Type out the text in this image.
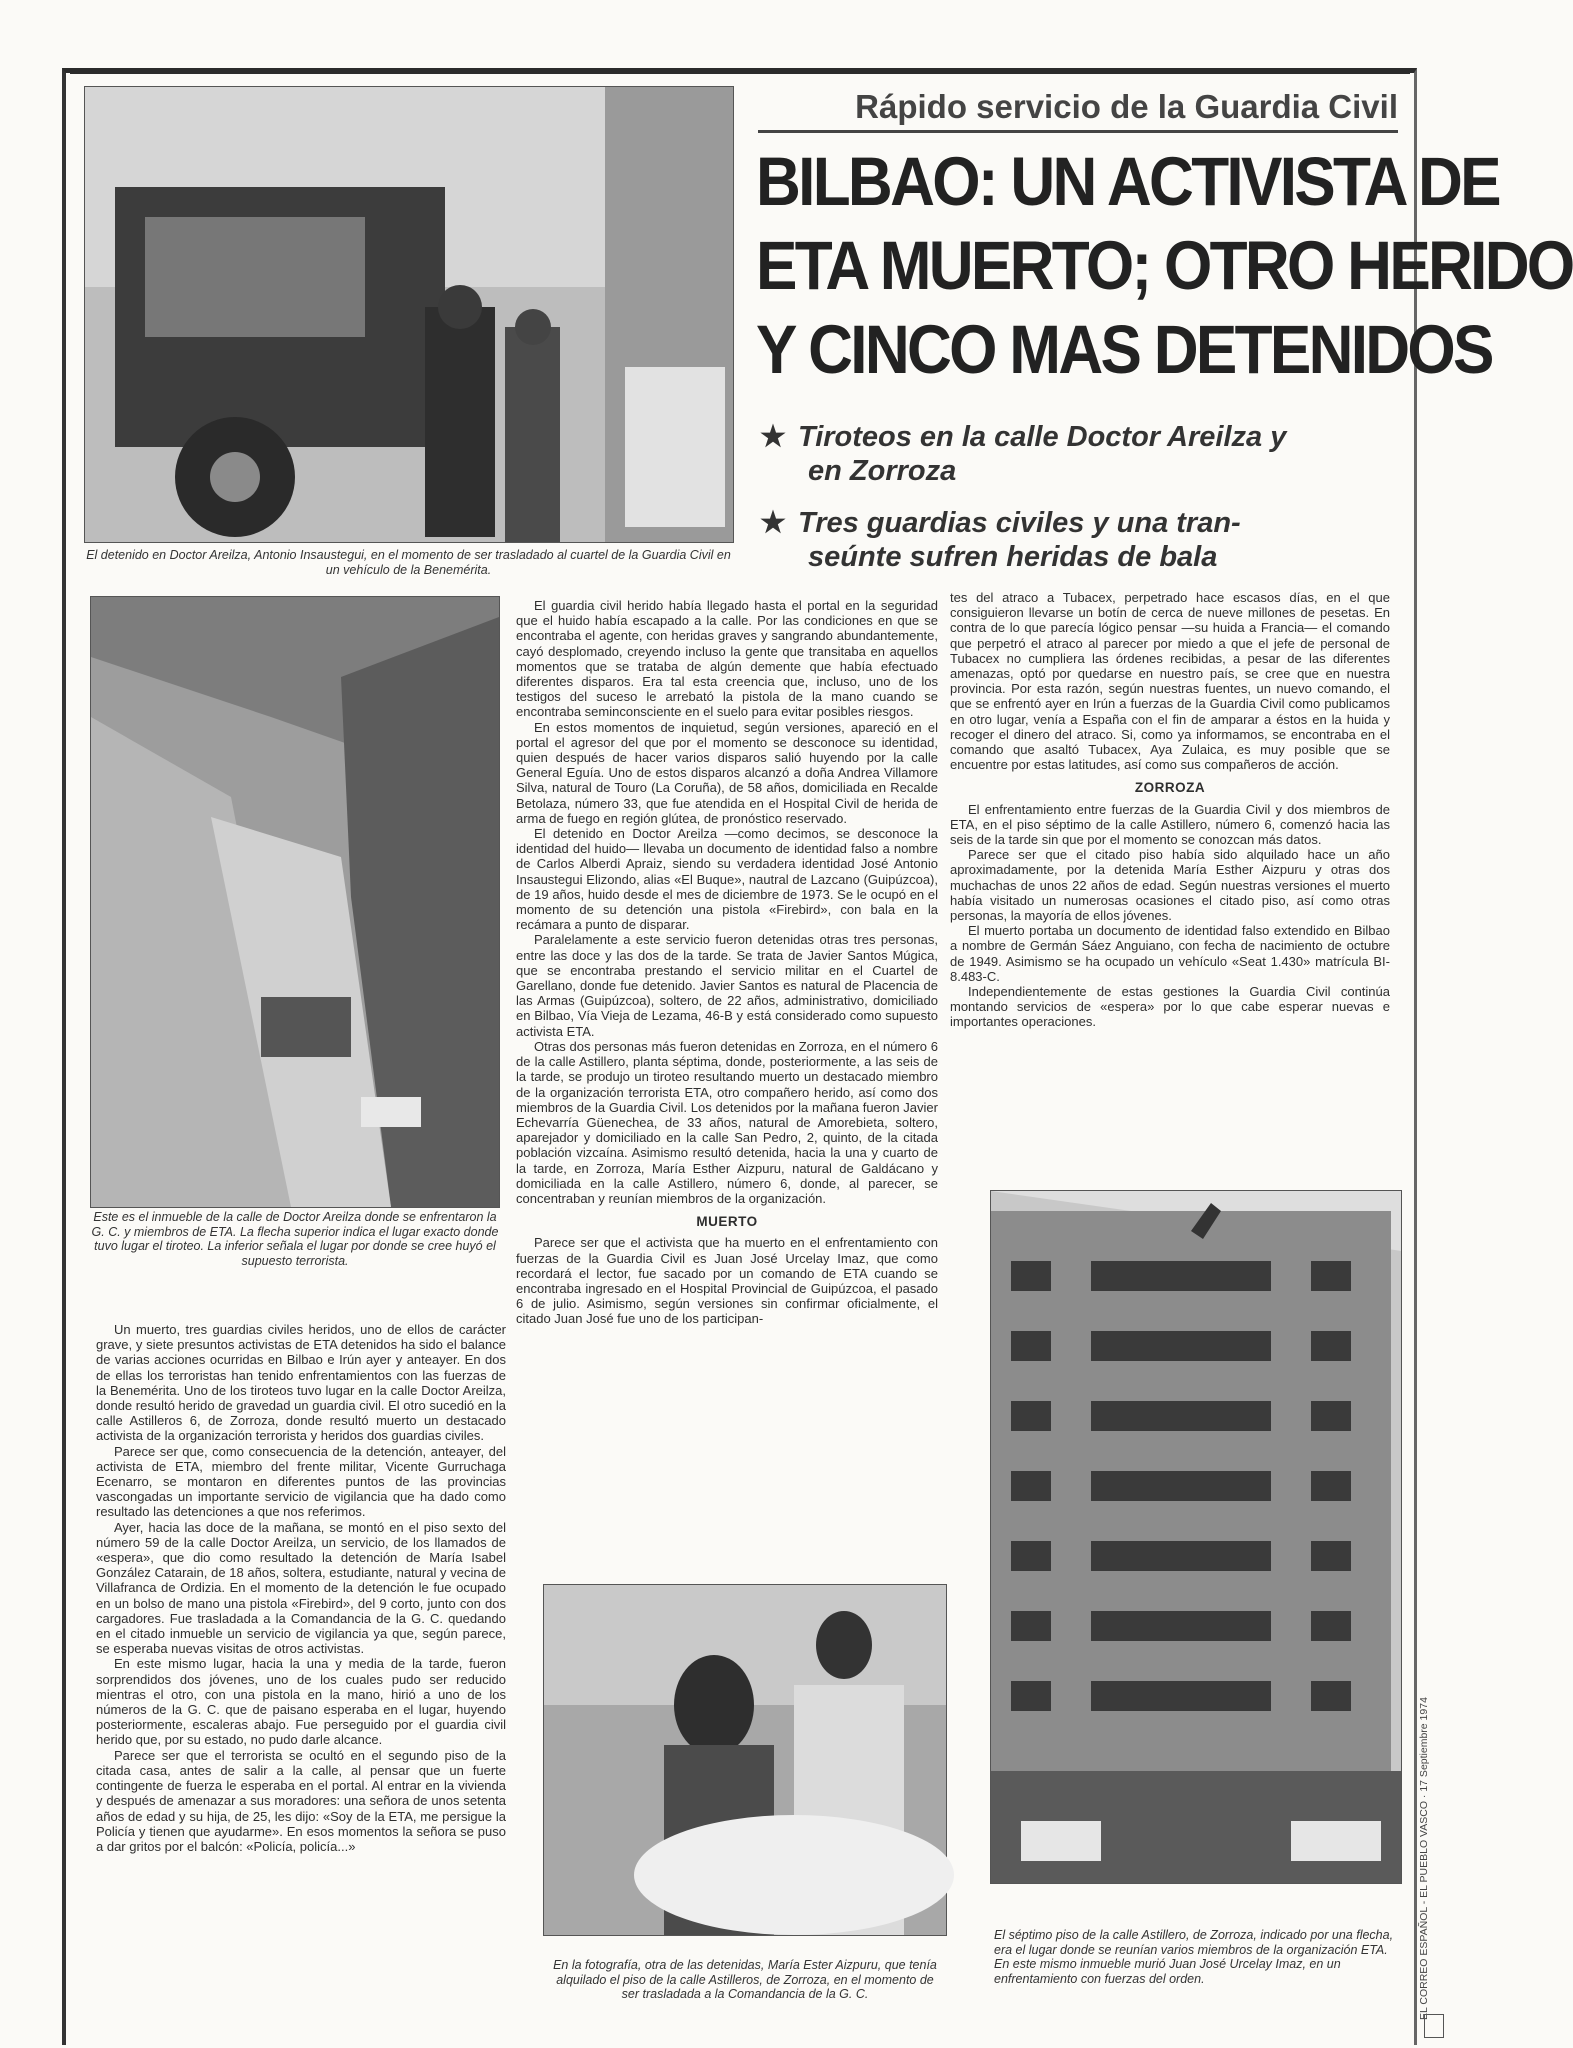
El detenido en Doctor Areilza, Antonio Insaustegui, en el momento de ser trasladado al cuartel de la Guardia Civil en un vehículo de la Benemérita.
Rápido servicio de la Guardia Civil
BILBAO: UN ACTIVISTA DE
ETA MUERTO; OTRO HERIDO
Y CINCO MAS DETENIDOS
★ Tiroteos en la calle Doctor Areilza y
en Zorroza
★ Tres guardias civiles y una tran-
seúnte sufren heridas de bala
Este es el inmueble de la calle de Doctor Areilza donde se enfrentaron la G. C. y miembros de ETA. La flecha superior indica el lugar exacto donde tuvo lugar el tiroteo. La inferior señala el lugar por donde se cree huyó el supuesto terrorista.

Un muerto, tres guardias civiles heridos, uno de ellos de carácter grave, y siete presuntos activistas de ETA detenidos ha sido el balance de varias acciones ocurridas en Bilbao e Irún ayer y anteayer. En dos de ellas los terroristas han tenido enfrentamientos con las fuerzas de la Benemérita. Uno de los tiroteos tuvo lugar en la calle Doctor Areilza, donde resultó herido de gravedad un guardia civil. El otro sucedió en la calle Astilleros 6, de Zorroza, donde resultó muerto un destacado activista de la organización terrorista y heridos dos guardias civiles.

Parece ser que, como consecuencia de la detención, anteayer, del activista de ETA, miembro del frente militar, Vicente Gurruchaga Ecenarro, se montaron en diferentes puntos de las provincias vascongadas un importante servicio de vigilancia que ha dado como resultado las detenciones a que nos referimos.

Ayer, hacia las doce de la mañana, se montó en el piso sexto del número 59 de la calle Doctor Areilza, un servicio, de los llamados de «espera», que dio como resultado la detención de María Isabel González Catarain, de 18 años, soltera, estudiante, natural y vecina de Villafranca de Ordizia. En el momento de la detención le fue ocupado en un bolso de mano una pistola «Firebird», del 9 corto, junto con dos cargadores. Fue trasladada a la Comandancia de la G. C. quedando en el citado inmueble un servicio de vigilancia ya que, según parece, se esperaba nuevas visitas de otros activistas.

En este mismo lugar, hacia la una y media de la tarde, fueron sorprendidos dos jóvenes, uno de los cuales pudo ser reducido mientras el otro, con una pistola en la mano, hirió a uno de los números de la G. C. que de paisano esperaba en el lugar, huyendo posteriormente, escaleras abajo. Fue perseguido por el guardia civil herido que, por su estado, no pudo darle alcance.

Parece ser que el terrorista se ocultó en el segundo piso de la citada casa, antes de salir a la calle, al pensar que un fuerte contingente de fuerza le esperaba en el portal. Al entrar en la vivienda y después de amenazar a sus moradores: una señora de unos setenta años de edad y su hija, de 25, les dijo: «Soy de la ETA, me persigue la Policía y tienen que ayudarme». En esos momentos la señora se puso a dar gritos por el balcón: «Policía, policía...»

El guardia civil herido había llegado hasta el portal en la seguridad que el huido había escapado a la calle. Por las condiciones en que se encontraba el agente, con heridas graves y sangrando abundantemente, cayó desplomado, creyendo incluso la gente que transitaba en aquellos momentos que se trataba de algún demente que había efectuado diferentes disparos. Era tal esta creencia que, incluso, uno de los testigos del suceso le arrebató la pistola de la mano cuando se encontraba seminconsciente en el suelo para evitar posibles riesgos.

En estos momentos de inquietud, según versiones, apareció en el portal el agresor del que por el momento se desconoce su identidad, quien después de hacer varios disparos salió huyendo por la calle General Eguía. Uno de estos disparos alcanzó a doña Andrea Villamore Silva, natural de Touro (La Coruña), de 58 años, domiciliada en Recalde Betolaza, número 33, que fue atendida en el Hospital Civil de herida de arma de fuego en región glútea, de pronóstico reservado.

El detenido en Doctor Areilza —como decimos, se desconoce la identidad del huido— llevaba un documento de identidad falso a nombre de Carlos Alberdi Apraiz, siendo su verdadera identidad José Antonio Insaustegui Elizondo, alias «El Buque», nautral de Lazcano (Guipúzcoa), de 19 años, huido desde el mes de diciembre de 1973. Se le ocupó en el momento de su detención una pistola «Firebird», con bala en la recámara a punto de disparar.

Paralelamente a este servicio fueron detenidas otras tres personas, entre las doce y las dos de la tarde. Se trata de Javier Santos Múgica, que se encontraba prestando el servicio militar en el Cuartel de Garellano, donde fue detenido. Javier Santos es natural de Placencia de las Armas (Guipúzcoa), soltero, de 22 años, administrativo, domiciliado en Bilbao, Vía Vieja de Lezama, 46-B y está considerado como supuesto activista ETA.

Otras dos personas más fueron detenidas en Zorroza, en el número 6 de la calle Astillero, planta séptima, donde, posteriormente, a las seis de la tarde, se produjo un tiroteo resultando muerto un destacado miembro de la organización terrorista ETA, otro compañero herido, así como dos miembros de la Guardia Civil. Los detenidos por la mañana fueron Javier Echevarría Güenechea, de 33 años, natural de Amorebieta, soltero, aparejador y domiciliado en la calle San Pedro, 2, quinto, de la citada población vizcaína. Asimismo resultó detenida, hacia la una y cuarto de la tarde, en Zorroza, María Esther Aizpuru, natural de Galdácano y domiciliada en la calle Astillero, número 6, donde, al parecer, se concentraban y reunían miembros de la organización.

MUERTO

Parece ser que el activista que ha muerto en el enfrentamiento con fuerzas de la Guardia Civil es Juan José Urcelay Imaz, que como recordará el lector, fue sacado por un comando de ETA cuando se encontraba ingresado en el Hospital Provincial de Guipúzcoa, el pasado 6 de julio. Asimismo, según versiones sin confirmar oficialmente, el citado Juan José fue uno de los participan-

En la fotografía, otra de las detenidas, María Ester Aizpuru, que tenía alquilado el piso de la calle Astilleros, de Zorroza, en el momento de ser trasladada a la Comandancia de la G. C.

tes del atraco a Tubacex, perpetrado hace escasos días, en el que consiguieron llevarse un botín de cerca de nueve millones de pesetas. En contra de lo que parecía lógico pensar —su huida a Francia— el comando que perpetró el atraco al parecer por miedo a que el jefe de personal de Tubacex no cumpliera las órdenes recibidas, a pesar de las diferentes amenazas, optó por quedarse en nuestro país, se cree que en nuestra provincia. Por esta razón, según nuestras fuentes, un nuevo comando, el que se enfrentó ayer en Irún a fuerzas de la Guardia Civil como publicamos en otro lugar, venía a España con el fin de amparar a éstos en la huida y recoger el dinero del atraco. Si, como ya informamos, se encontraba en el comando que asaltó Tubacex, Aya Zulaica, es muy posible que se encuentre por estas latitudes, así como sus compañeros de acción.

ZORROZA

El enfrentamiento entre fuerzas de la Guardia Civil y dos miembros de ETA, en el piso séptimo de la calle Astillero, número 6, comenzó hacia las seis de la tarde sin que por el momento se conozcan más datos.

Parece ser que el citado piso había sido alquilado hace un año aproximadamente, por la detenida María Esther Aizpuru y otras dos muchachas de unos 22 años de edad. Según nuestras versiones el muerto había visitado un numerosas ocasiones el citado piso, así como otras personas, la mayoría de ellos jóvenes.

El muerto portaba un documento de identidad falso extendido en Bilbao a nombre de Germán Sáez Anguiano, con fecha de nacimiento de octubre de 1949. Asimismo se ha ocupado un vehículo «Seat 1.430» matrícula BI-8.483-C.

Independientemente de estas gestiones la Guardia Civil continúa montando servicios de «espera» por lo que cabe esperar nuevas e importantes operaciones.

El séptimo piso de la calle Astillero, de Zorroza, indicado por una flecha, era el lugar donde se reunían varios miembros de la organización ETA. En este mismo inmueble murió Juan José Urcelay Imaz, en un enfrentamiento con fuerzas del orden.	EL CORREO ESPAÑOL - EL PUEBLO VASCO · 17 Septiembre 1974
